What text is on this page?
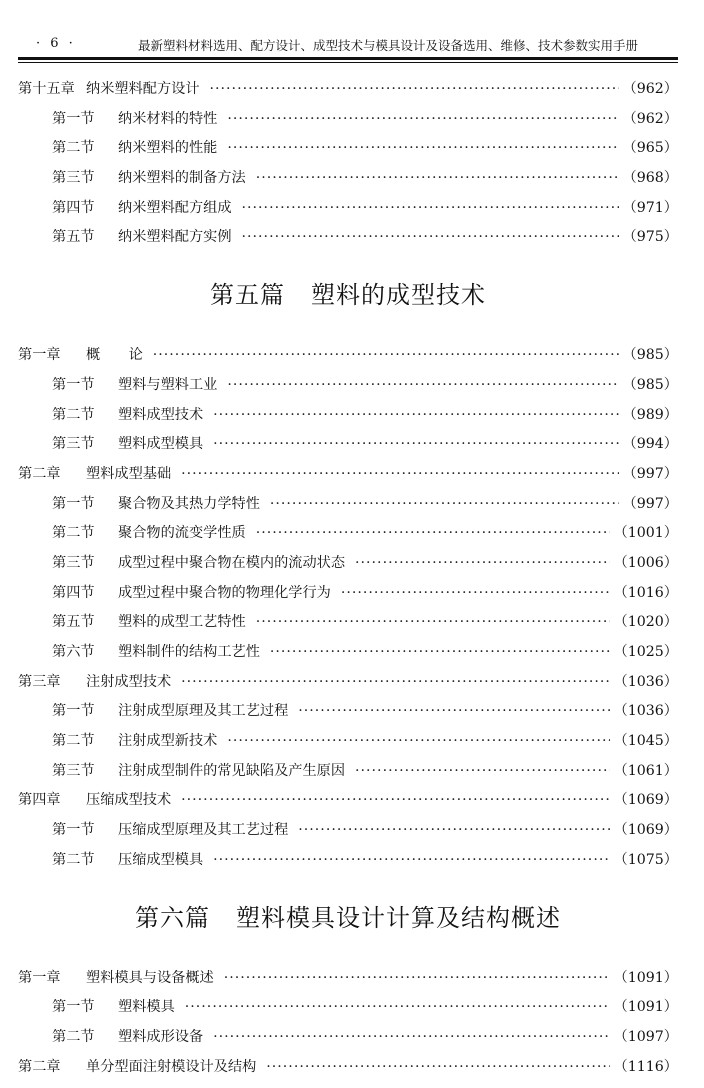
· 6 ·	最新塑料材料选用、配方设计、成型技术与模具设计及设备选用、维修、技术参数实用手册
第十五章 纳米塑料配方设计 ·····	（962）
第一节 纳米材料的特性 ·····	（962）
第二节 纳米塑料的性能 ·····	（965）
第三节 纳米塑料的制备方法 ·····	（968）
第四节 纳米塑料配方组成 ·····	（971）
第五节 纳米塑料配方实例 ·····	（975）
第五篇 塑料的成型技术
第一章 概　　论 ·····	（985）
第一节 塑料与塑料工业 ·····	（985）
第二节 塑料成型技术 ·····	（989）
第三节 塑料成型模具 ·····	（994）
第二章 塑料成型基础 ·····	（997）
第一节 聚合物及其热力学特性 ·····	（997）
第二节 聚合物的流变学性质 ·····	（1001）
第三节 成型过程中聚合物在模内的流动状态 ·····	（1006）
第四节 成型过程中聚合物的物理化学行为 ·····	（1016）
第五节 塑料的成型工艺特性 ·····	（1020）
第六节 塑料制件的结构工艺性 ·····	（1025）
第三章 注射成型技术 ·····	（1036）
第一节 注射成型原理及其工艺过程 ·····	（1036）
第二节 注射成型新技术 ·····	（1045）
第三节 注射成型制件的常见缺陷及产生原因 ·····	（1061）
第四章 压缩成型技术 ·····	（1069）
第一节 压缩成型原理及其工艺过程 ·····	（1069）
第二节 压缩成型模具 ·····	（1075）
第六篇 塑料模具设计计算及结构概述
第一章 塑料模具与设备概述 ·····	（1091）
第一节 塑料模具 ·····	（1091）
第二节 塑料成形设备 ·····	（1097）
第二章 单分型面注射模设计及结构 ·····	（1116）
